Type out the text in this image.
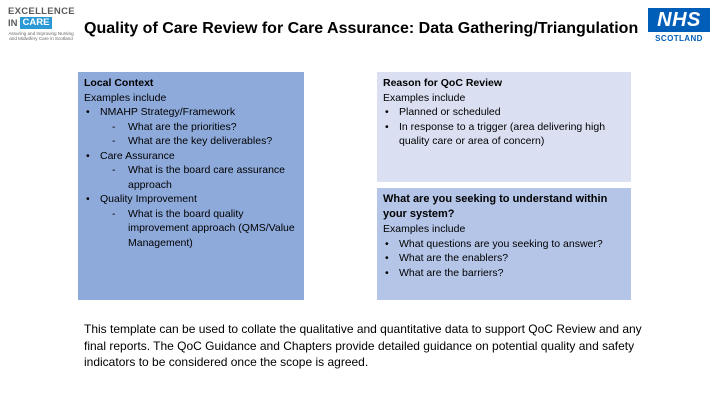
EXCELLENCE
IN CARE
Assuring and Improving Nursing and Midwifery Care in Scotland
Quality of Care Review for Care Assurance: Data Gathering/Triangulation NHS
SCOTLAND
Local Context
Examples include
• NMAHP Strategy/Framework
- What are the priorities?
- What are the key deliverables?
• Care Assurance
- What is the board care assurance approach
• Quality Improvement
- What is the board quality improvement approach (QMS/Value Management)
Reason for QoC Review
Examples include
• Planned or scheduled
• In response to a trigger (area delivering high quality care or area of concern)
What are you seeking to understand within your system?
Examples include
• What questions are you seeking to answer?
• What are the enablers?
• What are the barriers?
This template can be used to collate the qualitative and quantitative data to support QoC Review and any final reports. The QoC Guidance and Chapters provide detailed guidance on potential quality and safety indicators to be considered once the scope is agreed.
